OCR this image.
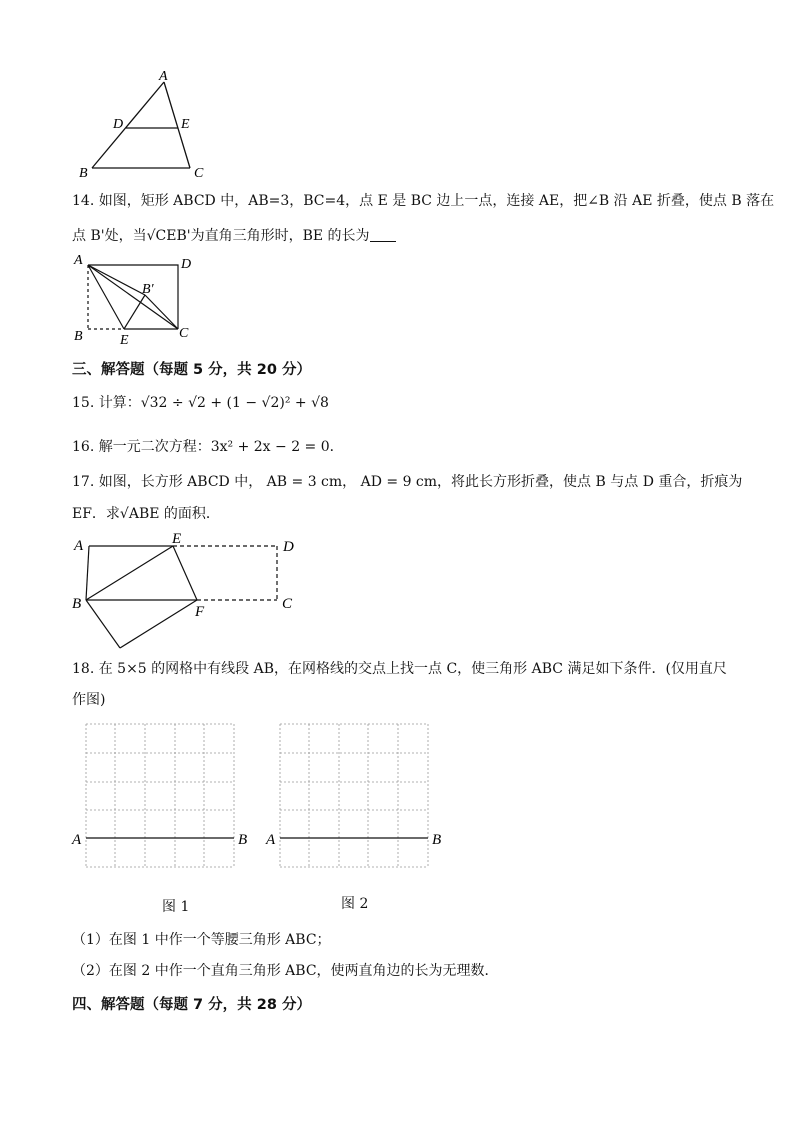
A
D	E
B	C
A	D
B′
B	E	C
A	E	D
B	F	C
A	B A	B
14. 如图，矩形 ABCD 中，AB=3，BC=4，点 E 是 BC 边上一点，连接 AE，把∠B 沿 AE 折叠，使点 B 落在
点 B'处，当√CEB'为直角三角形时，BE 的长为
三、解答题（每题 5 分，共 20 分）
15. 计算：√32 ÷ √2 + (1 − √2)² + √8
16. 解一元二次方程：3x² + 2x − 2 = 0．
17. 如图，长方形 ABCD 中， AB = 3 cm， AD = 9 cm，将此长方形折叠，使点 B 与点 D 重合，折痕为
EF．求√ABE 的面积．
18. 在 5×5 的网格中有线段 AB，在网格线的交点上找一点 C，使三角形 ABC 满足如下条件．(仅用直尺
作图)
图 1	图 2
（1）在图 1 中作一个等腰三角形 ABC；
（2）在图 2 中作一个直角三角形 ABC，使两直角边的长为无理数．
四、解答题（每题 7 分，共 28 分）
